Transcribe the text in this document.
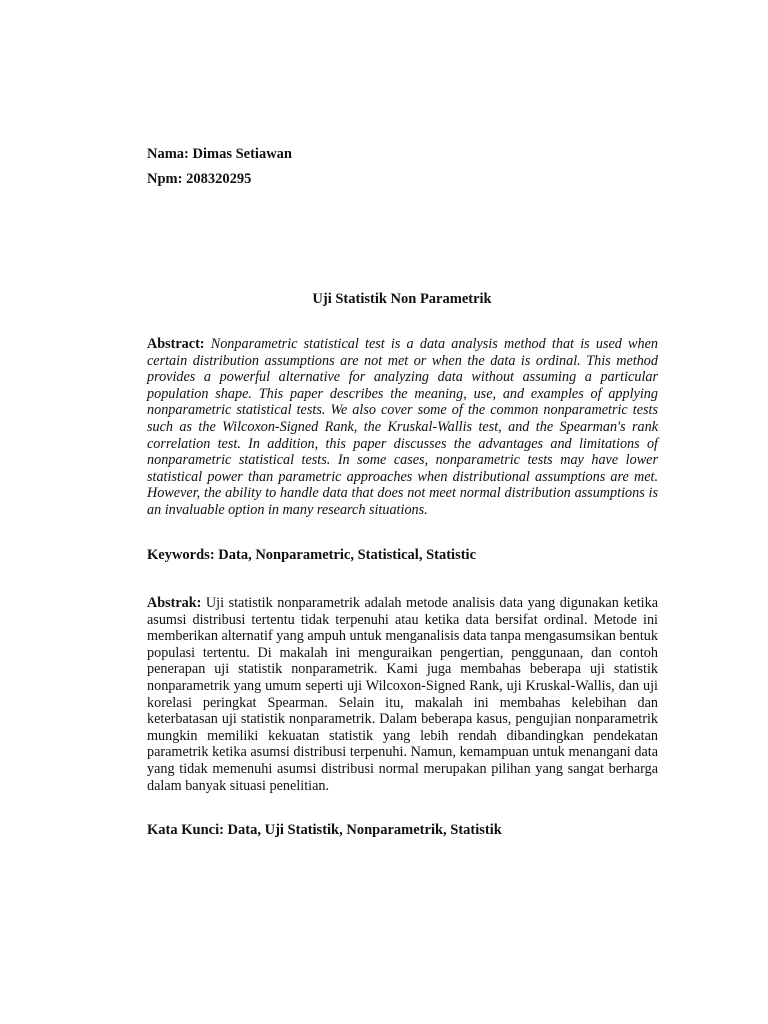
Nama: Dimas Setiawan
Npm: 208320295
Uji Statistik Non Parametrik
Abstract: Nonparametric statistical test is a data analysis method that is used when certain distribution assumptions are not met or when the data is ordinal. This method provides a powerful alternative for analyzing data without assuming a particular population shape. This paper describes the meaning, use, and examples of applying nonparametric statistical tests. We also cover some of the common nonparametric tests such as the Wilcoxon-Signed Rank, the Kruskal-Wallis test, and the Spearman's rank correlation test. In addition, this paper discusses the advantages and limitations of nonparametric statistical tests. In some cases, nonparametric tests may have lower statistical power than parametric approaches when distributional assumptions are met. However, the ability to handle data that does not meet normal distribution assumptions is an invaluable option in many research situations.
Keywords: Data, Nonparametric, Statistical, Statistic
Abstrak: Uji statistik nonparametrik adalah metode analisis data yang digunakan ketika asumsi distribusi tertentu tidak terpenuhi atau ketika data bersifat ordinal. Metode ini memberikan alternatif yang ampuh untuk menganalisis data tanpa mengasumsikan bentuk populasi tertentu. Di makalah ini menguraikan pengertian, penggunaan, dan contoh penerapan uji statistik nonparametrik. Kami juga membahas beberapa uji statistik nonparametrik yang umum seperti uji Wilcoxon-Signed Rank, uji Kruskal-Wallis, dan uji korelasi peringkat Spearman. Selain itu, makalah ini membahas kelebihan dan keterbatasan uji statistik nonparametrik. Dalam beberapa kasus, pengujian nonparametrik mungkin memiliki kekuatan statistik yang lebih rendah dibandingkan pendekatan parametrik ketika asumsi distribusi terpenuhi. Namun, kemampuan untuk menangani data yang tidak memenuhi asumsi distribusi normal merupakan pilihan yang sangat berharga dalam banyak situasi penelitian.
Kata Kunci: Data, Uji Statistik, Nonparametrik, Statistik
